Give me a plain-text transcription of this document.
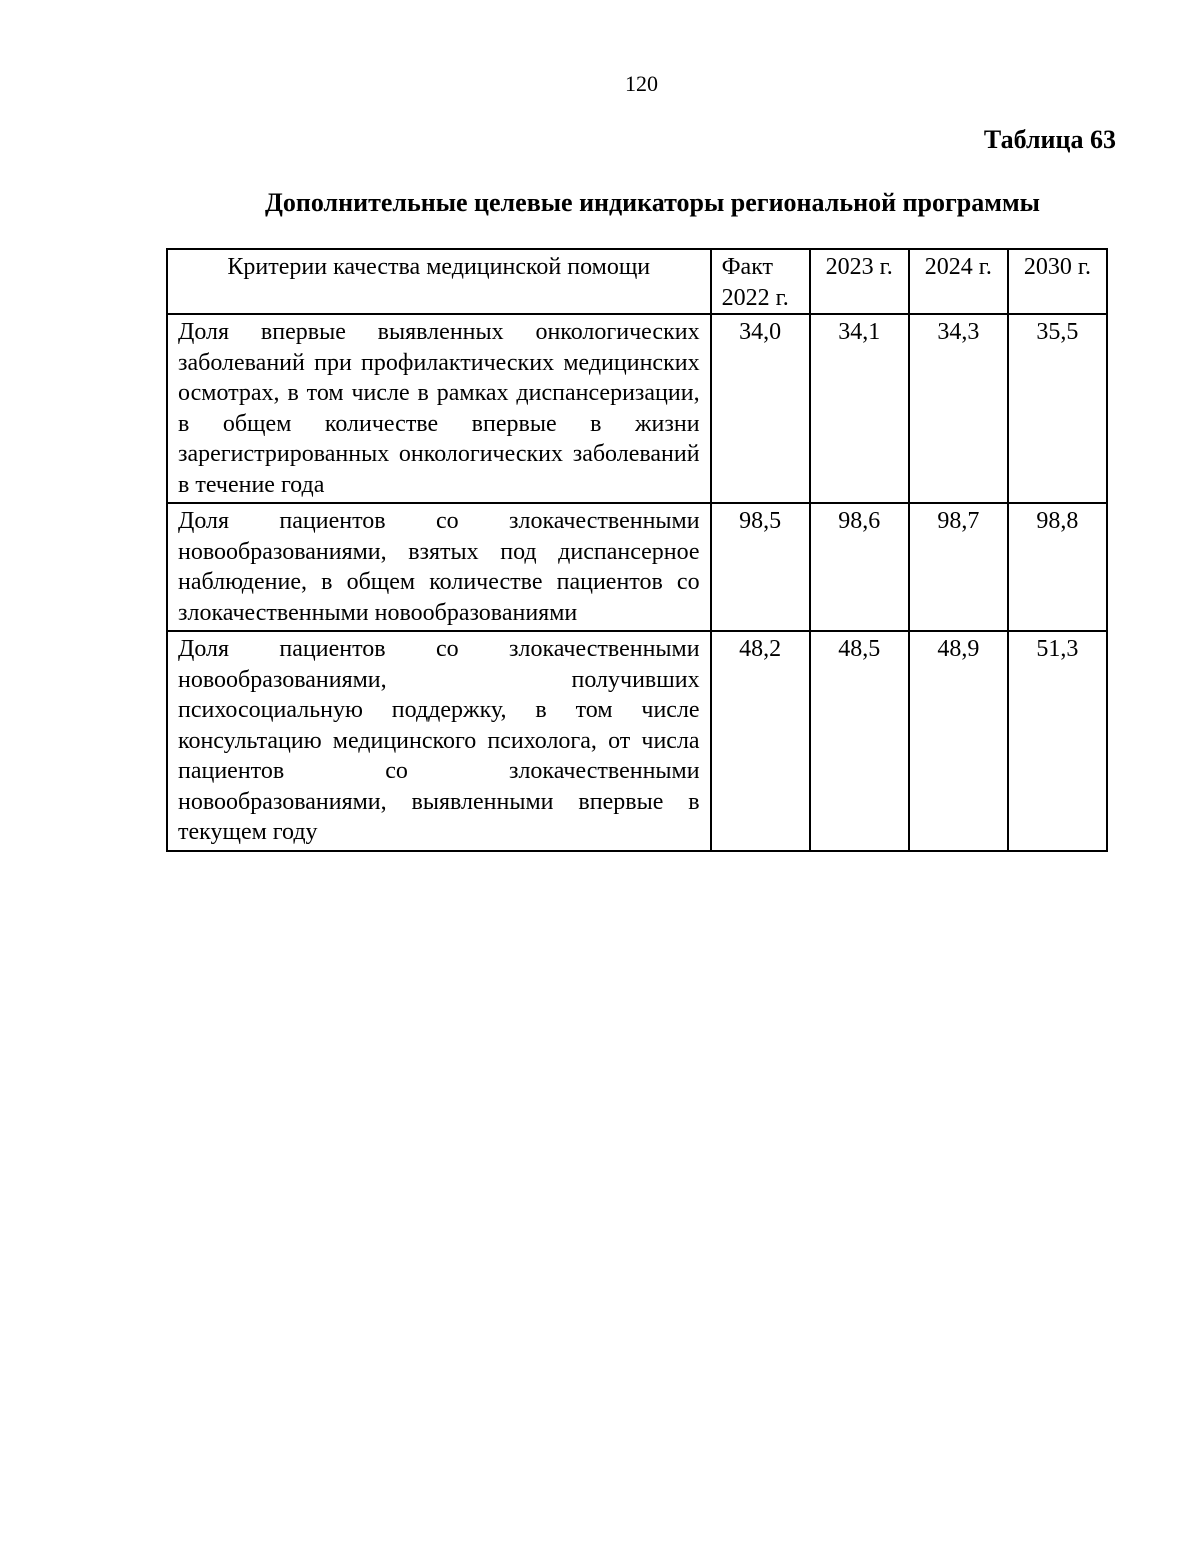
120
Таблица 63
Дополнительные целевые индикаторы региональной программы
Критерии качества медицинской помощи	Факт 2022 г.	2023 г.	2024 г.	2030 г.
Доля впервые выявленных онкологических заболеваний при профилактических медицинских осмотрах, в том числе в рамках диспансеризации, в общем количестве впервые в жизни зарегистрированных онкологических заболеваний в течение года	34,0	34,1	34,3	35,5
Доля пациентов со злокачественными новообразованиями, взятых под диспансерное наблюдение, в общем количестве пациентов со злокачественными новообразованиями	98,5	98,6	98,7	98,8
Доля пациентов со злокачественными новообразованиями, получивших психосоциальную поддержку, в том числе консультацию медицинского психолога, от числа пациентов со злокачественными новообразованиями, выявленными впервые в текущем году	48,2	48,5	48,9	51,3
